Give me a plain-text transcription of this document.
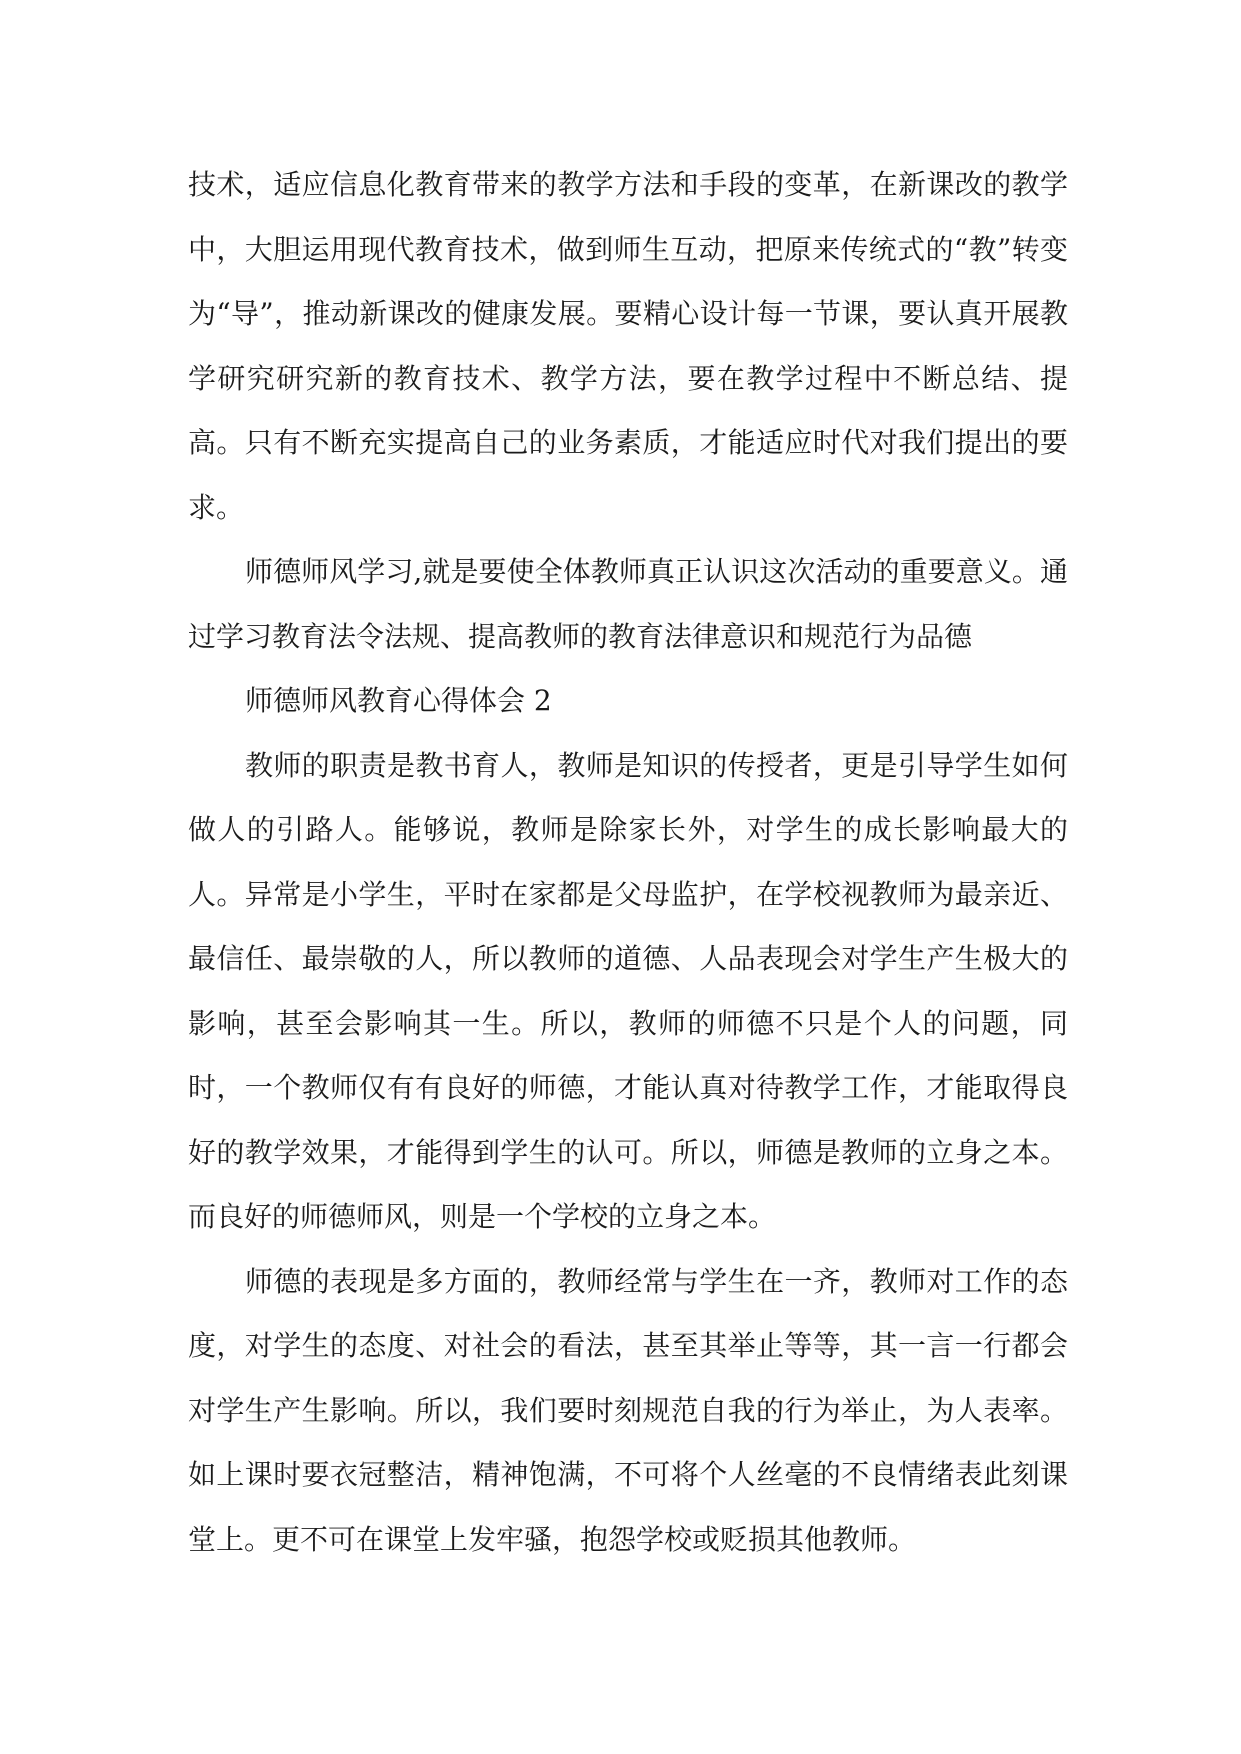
技术，适应信息化教育带来的教学方法和手段的变革，在新课改的教学中，大胆运用现代教育技术，做到师生互动，把原来传统式的“教”转变为“导”，推动新课改的健康发展。要精心设计每一节课，要认真开展教学研究研究新的教育技术、教学方法，要在教学过程中不断总结、提高。只有不断充实提高自己的业务素质，才能适应时代对我们提出的要求。

师德师风学习,就是要使全体教师真正认识这次活动的重要意义。通过学习教育法令法规、提高教师的教育法律意识和规范行为品德

师德师风教育心得体会 2

教师的职责是教书育人，教师是知识的传授者，更是引导学生如何做人的引路人。能够说，教师是除家长外，对学生的成长影响最大的人。异常是小学生，平时在家都是父母监护，在学校视教师为最亲近、最信任、最崇敬的人，所以教师的道德、人品表现会对学生产生极大的影响，甚至会影响其一生。所以，教师的师德不只是个人的问题，同时，一个教师仅有有良好的师德，才能认真对待教学工作，才能取得良好的教学效果，才能得到学生的认可。所以，师德是教师的立身之本。而良好的师德师风，则是一个学校的立身之本。

师德的表现是多方面的，教师经常与学生在一齐，教师对工作的态度，对学生的态度、对社会的看法，甚至其举止等等，其一言一行都会对学生产生影响。所以，我们要时刻规范自我的行为举止，为人表率。如上课时要衣冠整洁，精神饱满，不可将个人丝毫的不良情绪表此刻课堂上。更不可在课堂上发牢骚，抱怨学校或贬损其他教师。
